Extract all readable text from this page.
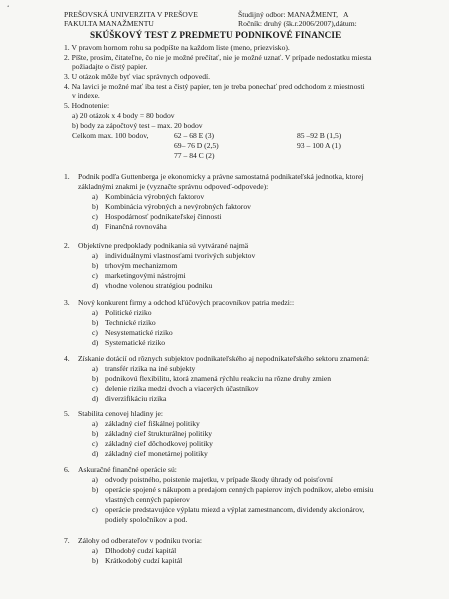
ʻ
PREŠOVSKÁ UNIVERZITA V PREŠOVE
FAKULTA MANAŽMENTU
Študijný odbor: MANAŽMENT, A
Ročník: druhý (šk.r.2006/2007),dátum:
SKÚŠKOVÝ TEST Z PREDMETU PODNIKOVÉ FINANCIE
1. V pravom hornom rohu sa podpíšte na každom liste (meno, priezvisko).
2. Píšte, prosím, čitateľne, čo nie je možné prečítať, nie je možné uznať. V prípade nedostatku miesta
požiadajte o čistý papier.
3. U otázok môže byť viac správnych odpovedí.
4. Na lavici je možné mať iba test a čistý papier, ten je treba ponechať pred odchodom z miestnosti
v indexe.
5. Hodnotenie:
a) 20 otázok x 4 body = 80 bodov
b) body za zápočtový test – max. 20 bodov
Celkom max. 100 bodov,	62 – 68 E (3)
69– 76 D (2,5)
77 – 84 C (2)
85 –92 B (1,5)
93 – 100 A (1)
1. Podnik podľa Guttenberga je ekonomicky a právne samostatná podnikateľská jednotka, ktorej
základnými znakmi je (vyznačte správnu odpoveď-odpovede):
a) Kombinácia výrobných faktorov
b) Kombinácia výrobných a nevýrobných faktorov
c) Hospodárnosť podnikateľskej činnosti
d) Finančná rovnováha
2. Objektívne predpoklady podnikania sú vytvárané najmä
a) individuálnymi vlastnosťami tvorivých subjektov
b) trhovým mechanizmom
c) marketingovými nástrojmi
d) vhodne volenou stratégiou podniku
3. Nový konkurent firmy a odchod kľúčových pracovníkov patria medzi::
a) Politické riziko
b) Technické riziko
c) Nesystematické riziko
d) Systematické riziko
4. Získanie dotácií od rôznych subjektov podnikateľského aj nepodnikateľského sektoru znamená:
a) transfér rizika na iné subjekty
b) podnikovú flexibilitu, ktorá znamená rýchlu reakciu na rôzne druhy zmien
c) delenie rizika medzi dvoch a viacerých účastníkov
d) diverzifikáciu rizika
5. Stabilita cenovej hladiny je:
a) základný cieľ fiškálnej politiky
b) základný cieľ štrukturálnej politiky
c) základný cieľ dôchodkovej politiky
d) základný cieľ monetárnej politiky
6. Askuračné finančné operácie sú:
a) odvody poistného, poistenie majetku, v prípade škody úhrady od poisťovní
b) operácie spojené s nákupom a predajom cenných papierov iných podnikov, alebo emisiu
vlastných cenných papierov
c) operácie predstavujúce výplatu miezd a výplat zamestnancom, dividendy akcionárov,
podiely spoločníkov a pod.
7. Zálohy od odberateľov v podniku tvoria:
a) Dlhodobý cudzí kapitál
b) Krátkodobý cudzí kapitál
